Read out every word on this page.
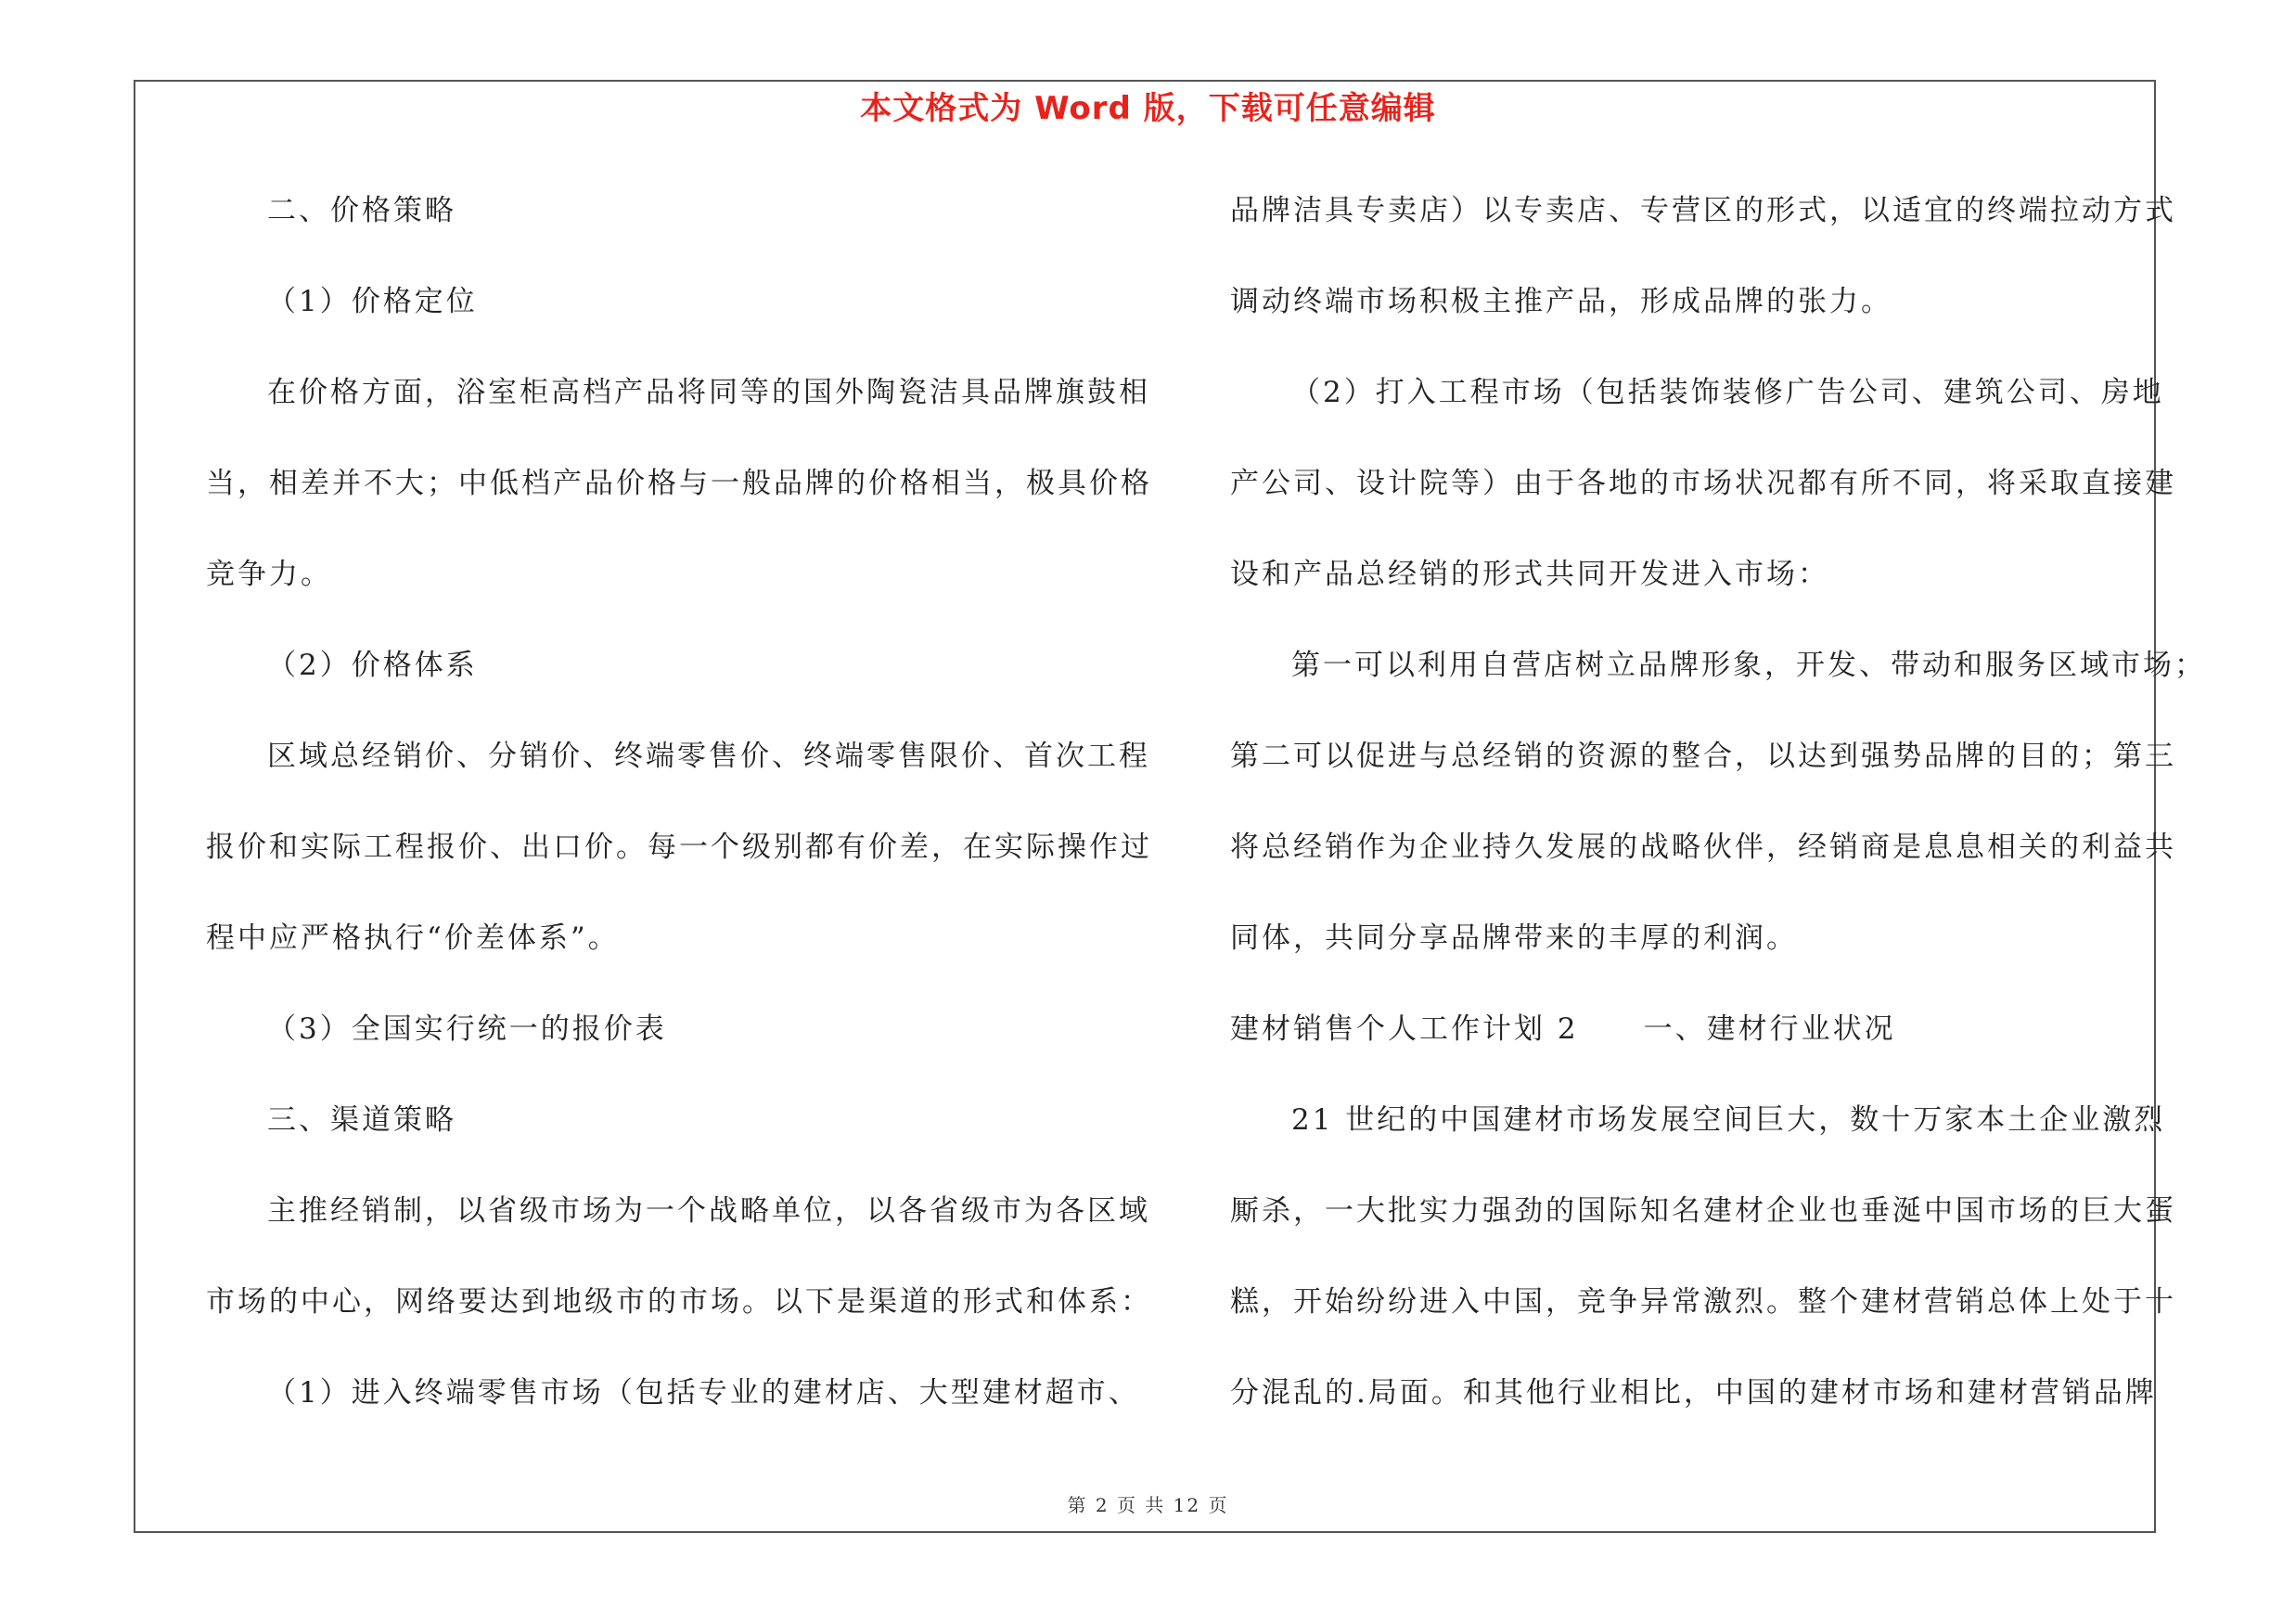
本文格式为 Word 版，下载可任意编辑
二、价格策略
（1）价格定位
在价格方面，浴室柜高档产品将同等的国外陶瓷洁具品牌旗鼓相
当，相差并不大；中低档产品价格与一般品牌的价格相当，极具价格
竞争力。
（2）价格体系
区域总经销价、分销价、终端零售价、终端零售限价、首次工程
报价和实际工程报价、出口价。每一个级别都有价差，在实际操作过
程中应严格执行“价差体系”。
（3）全国实行统一的报价表
三、渠道策略
主推经销制，以省级市场为一个战略单位，以各省级市为各区域
市场的中心，网络要达到地级市的市场。以下是渠道的形式和体系：
（1）进入终端零售市场（包括专业的建材店、大型建材超市、
品牌洁具专卖店）以专卖店、专营区的形式，以适宜的终端拉动方式
调动终端市场积极主推产品，形成品牌的张力。
（2）打入工程市场（包括装饰装修广告公司、建筑公司、房地
产公司、设计院等）由于各地的市场状况都有所不同，将采取直接建
设和产品总经销的形式共同开发进入市场：
第一可以利用自营店树立品牌形象，开发、带动和服务区域市场；
第二可以促进与总经销的资源的整合，以达到强势品牌的目的；第三
将总经销作为企业持久发展的战略伙伴，经销商是息息相关的利益共
同体，共同分享品牌带来的丰厚的利润。
建材销售个人工作计划 2 一、建材行业状况
21 世纪的中国建材市场发展空间巨大，数十万家本土企业激烈
厮杀，一大批实力强劲的国际知名建材企业也垂涎中国市场的巨大蛋
糕，开始纷纷进入中国，竞争异常激烈。整个建材营销总体上处于十
分混乱的.局面。和其他行业相比，中国的建材市场和建材营销品牌
第 2 页 共 12 页
